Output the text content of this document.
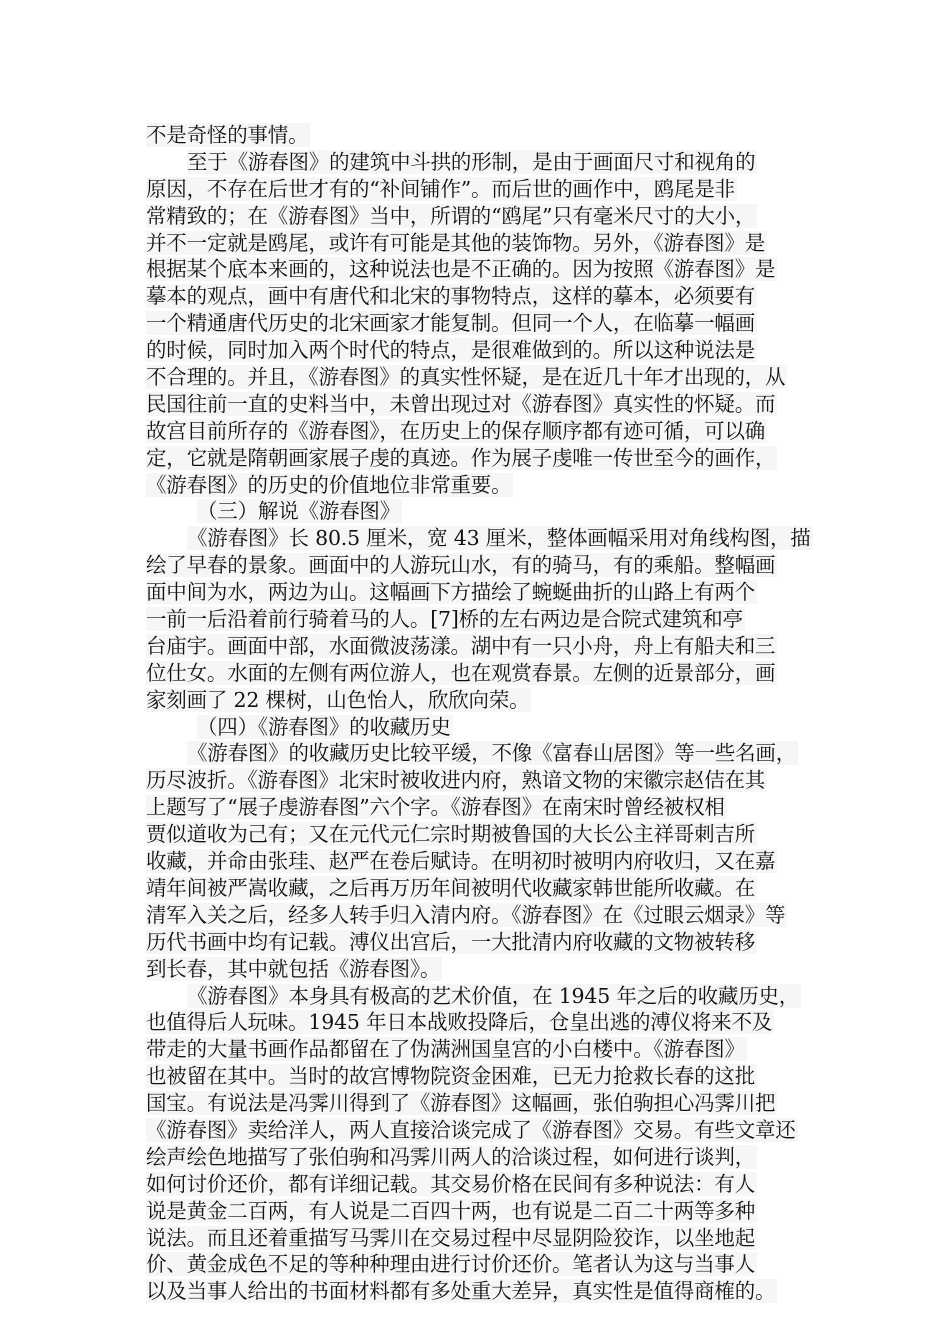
不是奇怪的事情。
至于《游春图》的建筑中斗拱的形制，是由于画面尺寸和视角的
原因，不存在后世才有的“补间铺作”。而后世的画作中，鸥尾是非
常精致的；在《游春图》当中，所谓的“鸥尾”只有毫米尺寸的大小，
并不一定就是鸥尾，或许有可能是其他的装饰物。另外，《游春图》是
根据某个底本来画的，这种说法也是不正确的。因为按照《游春图》是
摹本的观点，画中有唐代和北宋的事物特点，这样的摹本，必须要有
一个精通唐代历史的北宋画家才能复制。但同一个人，在临摹一幅画
的时候，同时加入两个时代的特点，是很难做到的。所以这种说法是
不合理的。并且，《游春图》的真实性怀疑，是在近几十年才出现的，从
民国往前一直的史料当中，未曾出现过对《游春图》真实性的怀疑。而
故宫目前所存的《游春图》，在历史上的保存顺序都有迹可循，可以确
定，它就是隋朝画家展子虔的真迹。作为展子虔唯一传世至今的画作，
《游春图》的历史的价值地位非常重要。
（三）解说《游春图》
《游春图》长 80.5 厘米，宽 43 厘米，整体画幅采用对角线构图，描
绘了早春的景象。画面中的人游玩山水，有的骑马，有的乘船。整幅画
面中间为水，两边为山。这幅画下方描绘了蜿蜒曲折的山路上有两个
一前一后沿着前行骑着马的人。[7]桥的左右两边是合院式建筑和亭
台庙宇。画面中部，水面微波荡漾。湖中有一只小舟，舟上有船夫和三
位仕女。水面的左侧有两位游人，也在观赏春景。左侧的近景部分，画
家刻画了 22 棵树，山色怡人，欣欣向荣。
（四）《游春图》的收藏历史
《游春图》的收藏历史比较平缓，不像《富春山居图》等一些名画，
历尽波折。《游春图》北宋时被收进内府，熟谙文物的宋徽宗赵佶在其
上题写了“展子虔游春图”六个字。《游春图》在南宋时曾经被权相
贾似道收为己有；又在元代元仁宗时期被鲁国的大长公主祥哥刺吉所
收藏，并命由张珪、赵严在卷后赋诗。在明初时被明内府收归，又在嘉
靖年间被严嵩收藏，之后再万历年间被明代收藏家韩世能所收藏。在
清军入关之后，经多人转手归入清内府。《游春图》在《过眼云烟录》等
历代书画中均有记载。溥仪出宫后，一大批清内府收藏的文物被转移
到长春，其中就包括《游春图》。
《游春图》本身具有极高的艺术价值，在 1945 年之后的收藏历史，
也值得后人玩味。1945 年日本战败投降后，仓皇出逃的溥仪将来不及
带走的大量书画作品都留在了伪满洲国皇宫的小白楼中。《游春图》
也被留在其中。当时的故宫博物院资金困难，已无力抢救长春的这批
国宝。有说法是冯霁川得到了《游春图》这幅画，张伯驹担心冯霁川把
《游春图》卖给洋人，两人直接洽谈完成了《游春图》交易。有些文章还
绘声绘色地描写了张伯驹和冯霁川两人的洽谈过程，如何进行谈判，
如何讨价还价，都有详细记载。其交易价格在民间有多种说法：有人
说是黄金二百两，有人说是二百四十两，也有说是二百二十两等多种
说法。而且还着重描写马霁川在交易过程中尽显阴险狡诈，以坐地起
价、黄金成色不足的等种种理由进行讨价还价。笔者认为这与当事人
以及当事人给出的书面材料都有多处重大差异，真实性是值得商榷的。
